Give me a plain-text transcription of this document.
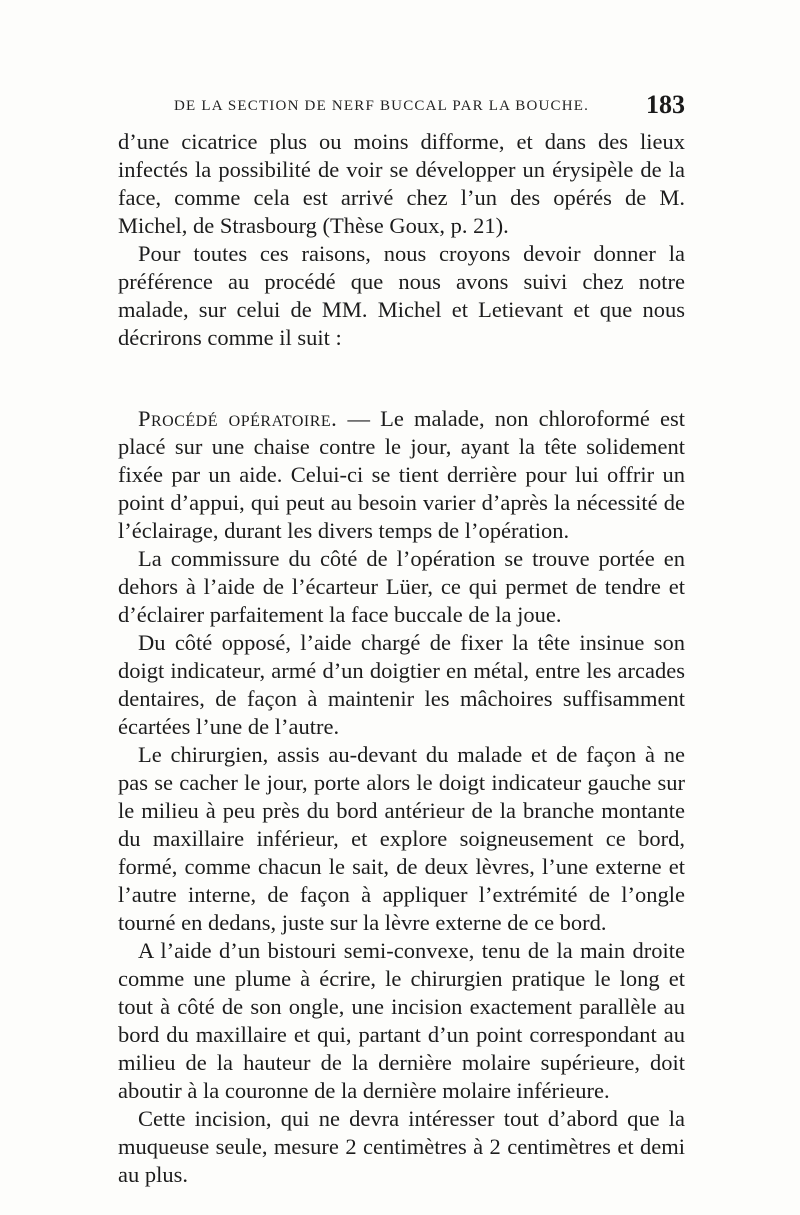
DE LA SECTION DE NERF BUCCAL PAR LA BOUCHE. 183

d’une cicatrice plus ou moins difforme, et dans des lieux infectés la possibilité de voir se développer un érysipèle de la face, comme cela est arrivé chez l’un des opérés de M. Michel, de Strasbourg (Thèse Goux, p. 21).

Pour toutes ces raisons, nous croyons devoir donner la préférence au procédé que nous avons suivi chez notre malade, sur celui de MM. Michel et Letievant et que nous décrirons comme il suit :

Procédé opératoire. — Le malade, non chloroformé est placé sur une chaise contre le jour, ayant la tête solidement fixée par un aide. Celui-ci se tient derrière pour lui offrir un point d’appui, qui peut au besoin varier d’après la nécessité de l’éclairage, durant les divers temps de l’opération.

La commissure du côté de l’opération se trouve portée en dehors à l’aide de l’écarteur Lüer, ce qui permet de tendre et d’éclairer parfaitement la face buccale de la joue.

Du côté opposé, l’aide chargé de fixer la tête insinue son doigt indicateur, armé d’un doigtier en métal, entre les arcades dentaires, de façon à maintenir les mâchoires suffisamment écartées l’une de l’autre.

Le chirurgien, assis au-devant du malade et de façon à ne pas se cacher le jour, porte alors le doigt indicateur gauche sur le milieu à peu près du bord antérieur de la branche montante du maxillaire inférieur, et explore soigneusement ce bord, formé, comme chacun le sait, de deux lèvres, l’une externe et l’autre interne, de façon à appliquer l’extrémité de l’ongle tourné en dedans, juste sur la lèvre externe de ce bord.

A l’aide d’un bistouri semi-convexe, tenu de la main droite comme une plume à écrire, le chirurgien pratique le long et tout à côté de son ongle, une incision exactement parallèle au bord du maxillaire et qui, partant d’un point correspondant au milieu de la hauteur de la dernière molaire supérieure, doit aboutir à la couronne de la dernière molaire inférieure.

Cette incision, qui ne devra intéresser tout d’abord que la muqueuse seule, mesure 2 centimètres à 2 centimètres et demi au plus.
